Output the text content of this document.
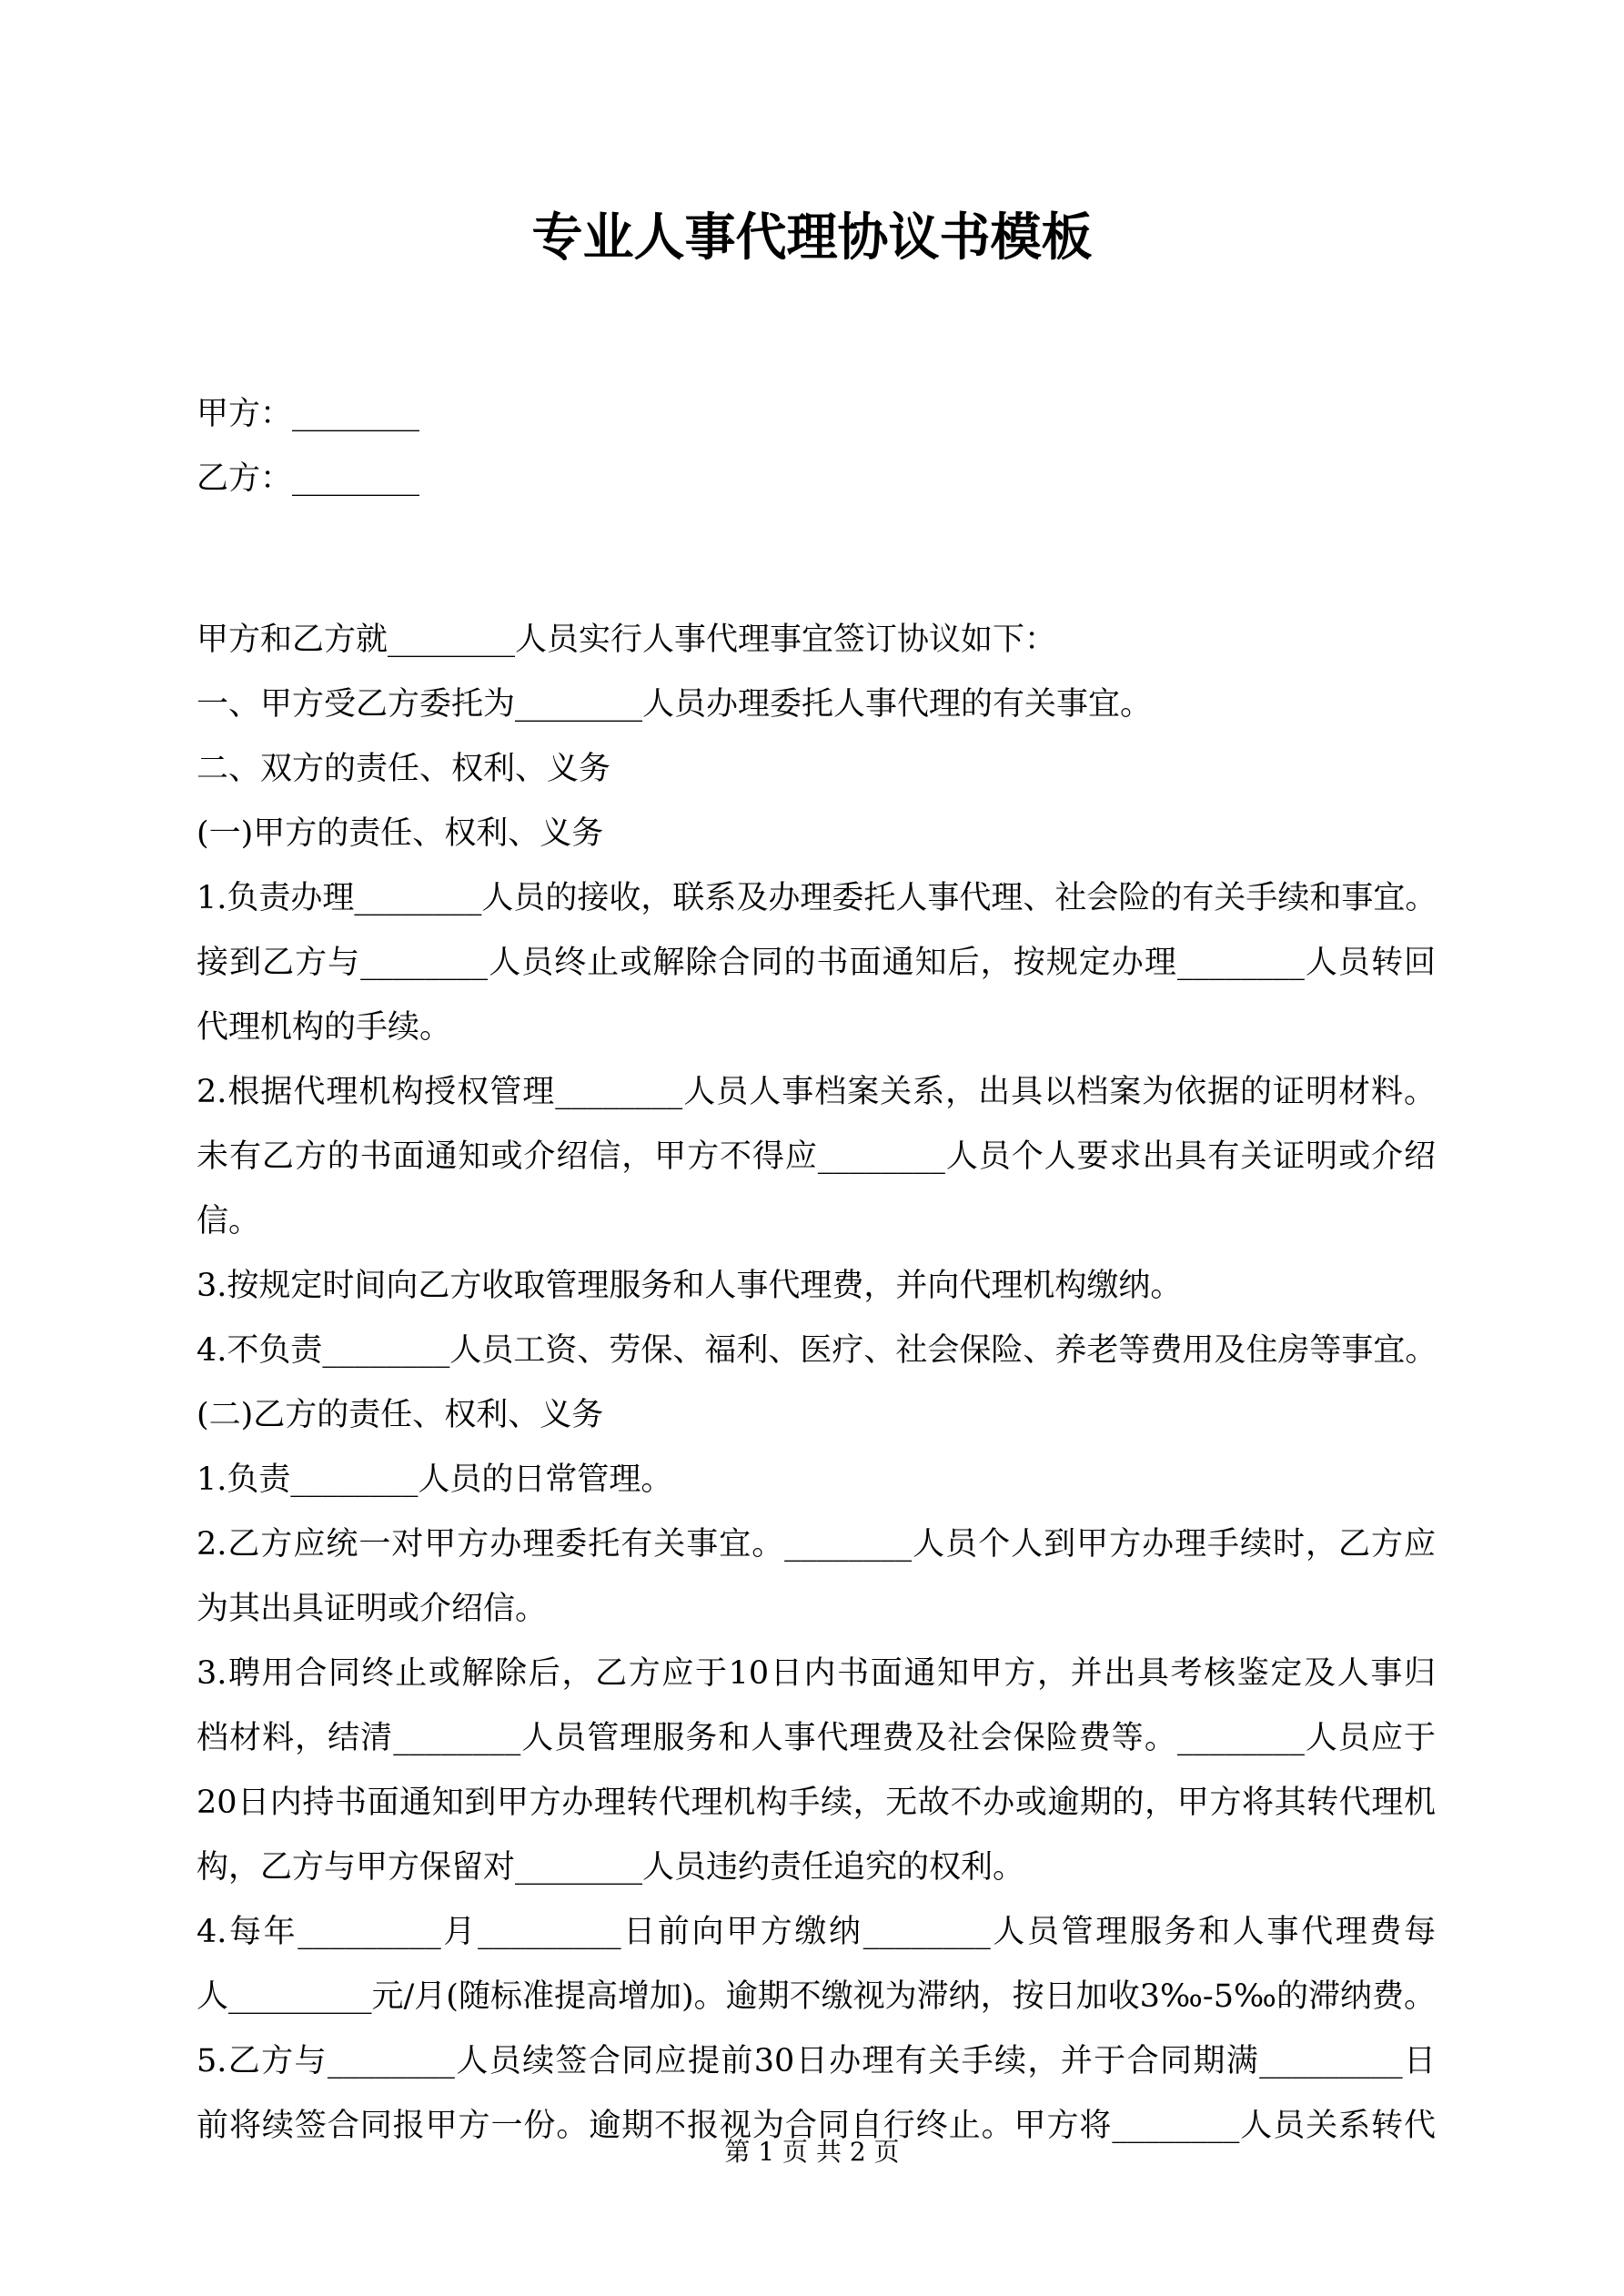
专业人事代理协议书模板
甲方：________
乙方：________
甲方和乙方就________人员实行人事代理事宜签订协议如下：
一、甲方受乙方委托为________人员办理委托人事代理的有关事宜。
二、双方的责任、权利、义务
(一)甲方的责任、权利、义务
1.负责办理________人员的接收，联系及办理委托人事代理、社会险的有关手续和事宜。
接到乙方与________人员终止或解除合同的书面通知后，按规定办理________人员转回
代理机构的手续。
2.根据代理机构授权管理________人员人事档案关系，出具以档案为依据的证明材料。
未有乙方的书面通知或介绍信，甲方不得应________人员个人要求出具有关证明或介绍
信。
3.按规定时间向乙方收取管理服务和人事代理费，并向代理机构缴纳。
4.不负责________人员工资、劳保、福利、医疗、社会保险、养老等费用及住房等事宜。
(二)乙方的责任、权利、义务
1.负责________人员的日常管理。
2.乙方应统一对甲方办理委托有关事宜。________人员个人到甲方办理手续时，乙方应
为其出具证明或介绍信。
3.聘用合同终止或解除后，乙方应于10日内书面通知甲方，并出具考核鉴定及人事归
档材料，结清________人员管理服务和人事代理费及社会保险费等。________人员应于
20日内持书面通知到甲方办理转代理机构手续，无故不办或逾期的，甲方将其转代理机
构，乙方与甲方保留对________人员违约责任追究的权利。
4.每年_________月_________日前向甲方缴纳________人员管理服务和人事代理费每
人_________元/月(随标准提高增加)。逾期不缴视为滞纳，按日加收3‰-5‰的滞纳费。
5.乙方与________人员续签合同应提前30日办理有关手续，并于合同期满_________日
前将续签合同报甲方一份。逾期不报视为合同自行终止。甲方将________人员关系转代
第 1 页 共 2 页
